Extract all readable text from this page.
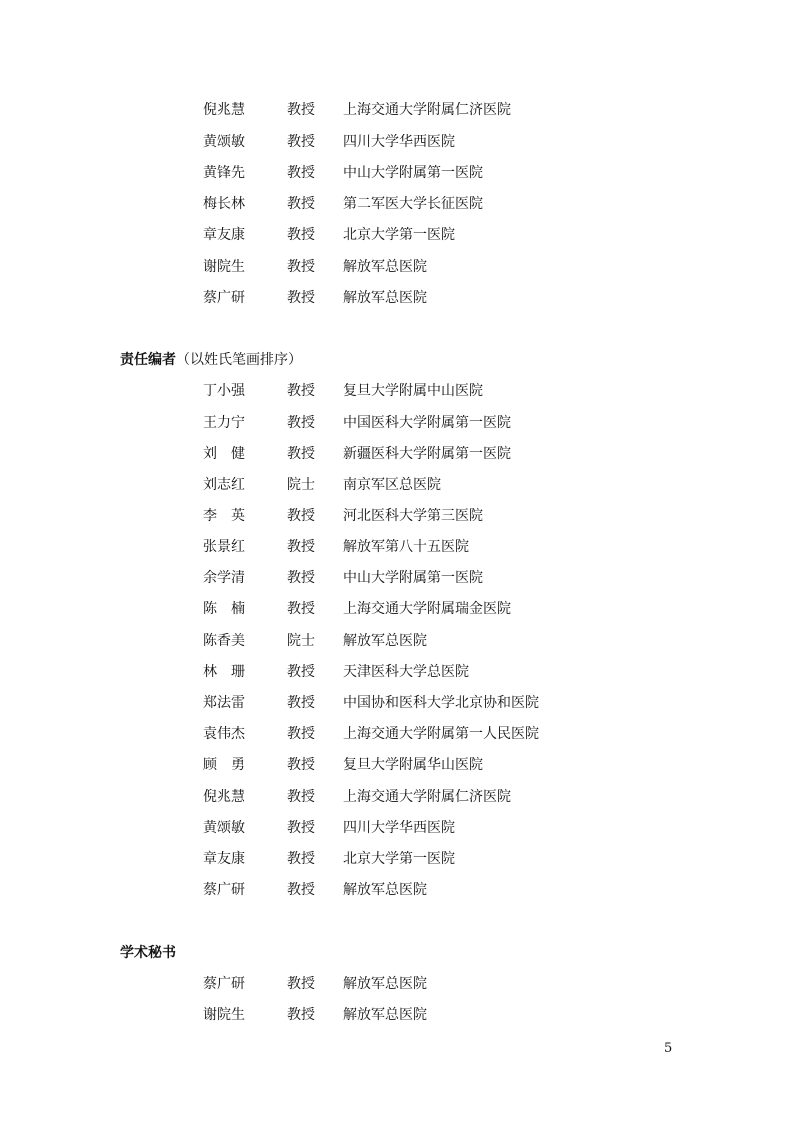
倪兆慧	教授 上海交通大学附属仁济医院
黄颂敏	教授 四川大学华西医院
黄锋先	教授 中山大学附属第一医院
梅长林	教授 第二军医大学长征医院
章友康	教授 北京大学第一医院
谢院生	教授 解放军总医院
蔡广研	教授 解放军总医院
责任编者（以姓氏笔画排序）
丁小强	教授 复旦大学附属中山医院
王力宁	教授 中国医科大学附属第一医院
刘　健	教授 新疆医科大学附属第一医院
刘志红	院士 南京军区总医院
李　英	教授 河北医科大学第三医院
张景红	教授 解放军第八十五医院
余学清	教授 中山大学附属第一医院
陈　楠	教授 上海交通大学附属瑞金医院
陈香美	院士 解放军总医院
林　珊	教授 天津医科大学总医院
郑法雷	教授 中国协和医科大学北京协和医院
袁伟杰	教授 上海交通大学附属第一人民医院
顾　勇	教授 复旦大学附属华山医院
倪兆慧	教授 上海交通大学附属仁济医院
黄颂敏	教授 四川大学华西医院
章友康	教授 北京大学第一医院
蔡广研	教授 解放军总医院
学术秘书
蔡广研	教授 解放军总医院
谢院生	教授 解放军总医院
5
